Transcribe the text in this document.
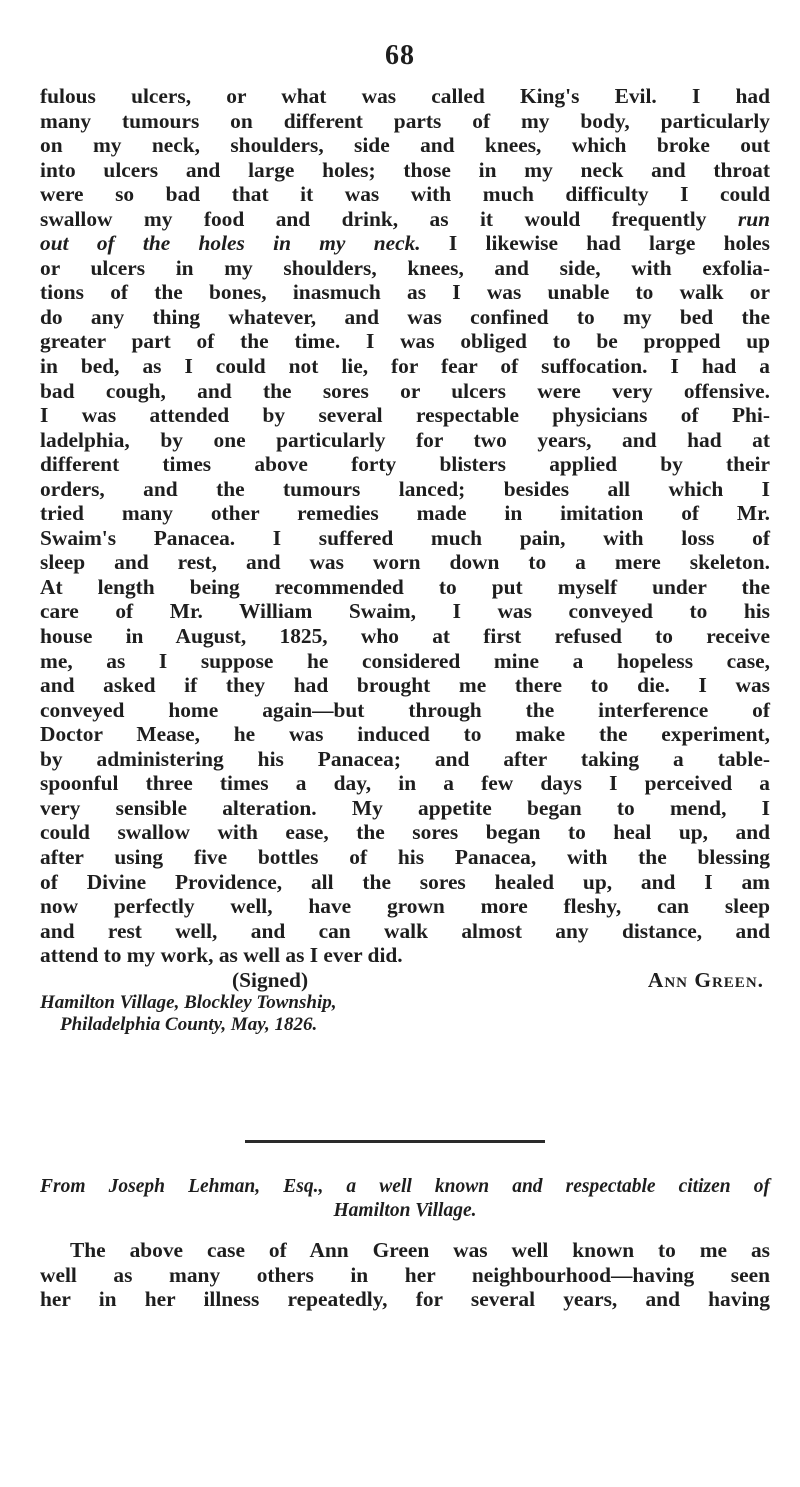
68
fulous ulcers, or what was called King's Evil. I had
many tumours on different parts of my body, particularly
on my neck, shoulders, side and knees, which broke out
into ulcers and large holes; those in my neck and throat
were so bad that it was with much difficulty I could
swallow my food and drink, as it would frequently run
out of the holes in my neck. I likewise had large holes
or ulcers in my shoulders, knees, and side, with exfolia-
tions of the bones, inasmuch as I was unable to walk or
do any thing whatever, and was confined to my bed the
greater part of the time. I was obliged to be propped up
in bed, as I could not lie, for fear of suffocation. I had a
bad cough, and the sores or ulcers were very offensive.
I was attended by several respectable physicians of Phi-
ladelphia, by one particularly for two years, and had at
different times above forty blisters applied by their
orders, and the tumours lanced; besides all which I
tried many other remedies made in imitation of Mr.
Swaim's Panacea. I suffered much pain, with loss of
sleep and rest, and was worn down to a mere skeleton.
At length being recommended to put myself under the
care of Mr. William Swaim, I was conveyed to his
house in August, 1825, who at first refused to receive
me, as I suppose he considered mine a hopeless case,
and asked if they had brought me there to die. I was
conveyed home again—but through the interference of
Doctor Mease, he was induced to make the experiment,
by administering his Panacea; and after taking a table-
spoonful three times a day, in a few days I perceived a
very sensible alteration. My appetite began to mend, I
could swallow with ease, the sores began to heal up, and
after using five bottles of his Panacea, with the blessing
of Divine Providence, all the sores healed up, and I am
now perfectly well, have grown more fleshy, can sleep
and rest well, and can walk almost any distance, and
attend to my work, as well as I ever did.
(Signed)	Ann Green.
Hamilton Village, Blockley Township,
Philadelphia County, May, 1826.
From Joseph Lehman, Esq., a well known and respectable citizen of
Hamilton Village.
The above case of Ann Green was well known to me as
well as many others in her neighbourhood—having seen
her in her illness repeatedly, for several years, and having
